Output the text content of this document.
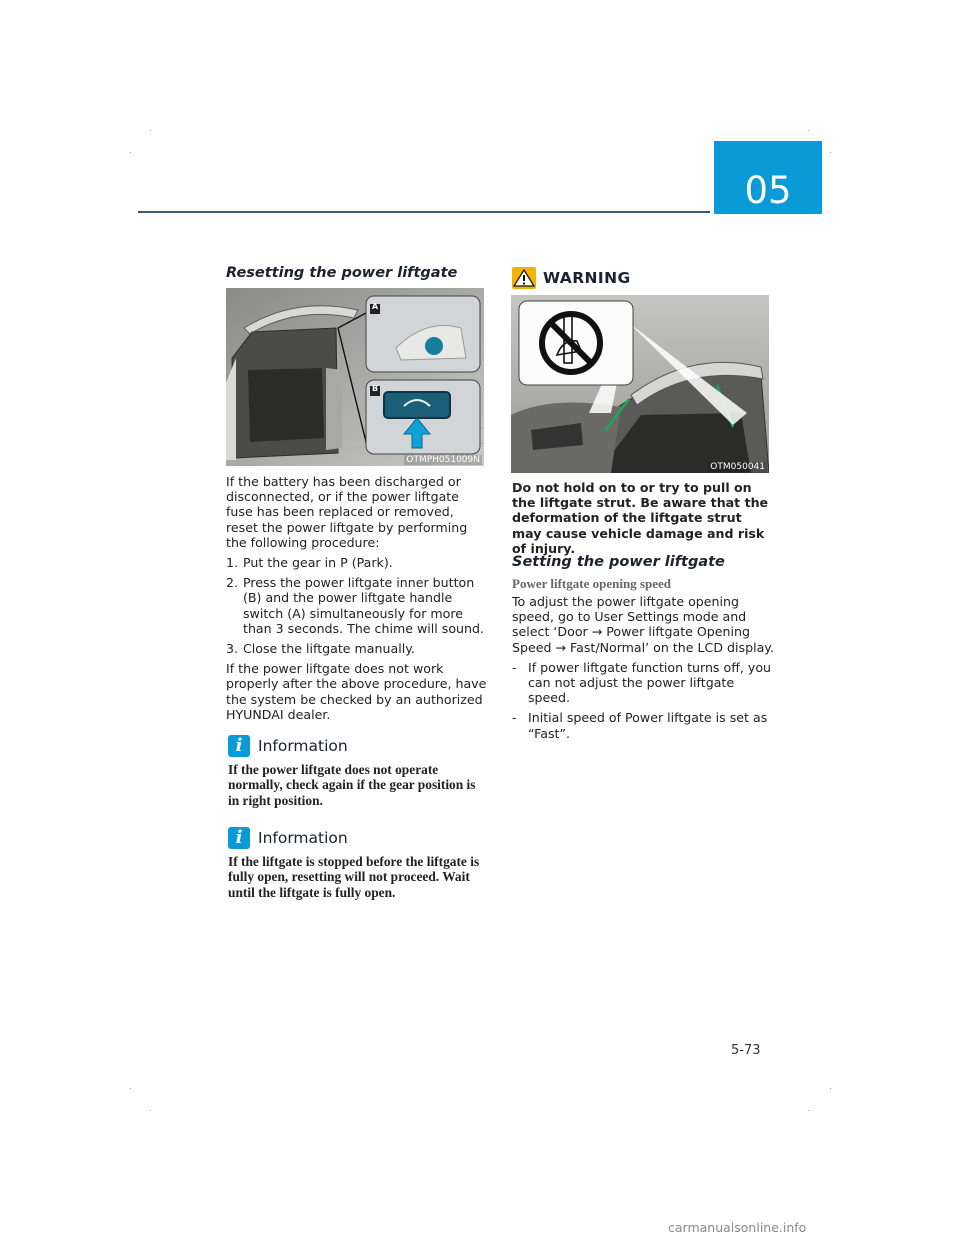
05
Resetting the power liftgate
A
B
OTMPH051009N

If the battery has been discharged or disconnected, or if the power liftgate fuse has been replaced or removed, reset the power liftgate by performing the following procedure:

1. Put the gear in P (Park).
2. Press the power liftgate inner button (B) and the power liftgate handle switch (A) simultaneously for more than 3 seconds. The chime will sound.
3. Close the liftgate manually.

If the power liftgate does not work properly after the above procedure, have the system be checked by an authorized HYUNDAI dealer.

i	Information
If the power liftgate does not operate normally, check again if the gear position is in right position.
i	Information
If the liftgate is stopped before the liftgate is fully open, resetting will not proceed. Wait until the liftgate is fully open.
WARNING
OTM050041
Do not hold on to or try to pull on the liftgate strut. Be aware that the deformation of the liftgate strut may cause vehicle damage and risk of injury.
Setting the power liftgate
Power liftgate opening speed

To adjust the power liftgate opening speed, go to User Settings mode and select ‘Door → Power liftgate Opening Speed → Fast/Normal’ on the LCD display.

- If power liftgate function turns off, you can not adjust the power liftgate speed.
- Initial speed of Power liftgate is set as “Fast”.
5-73
carmanualsonline.info
